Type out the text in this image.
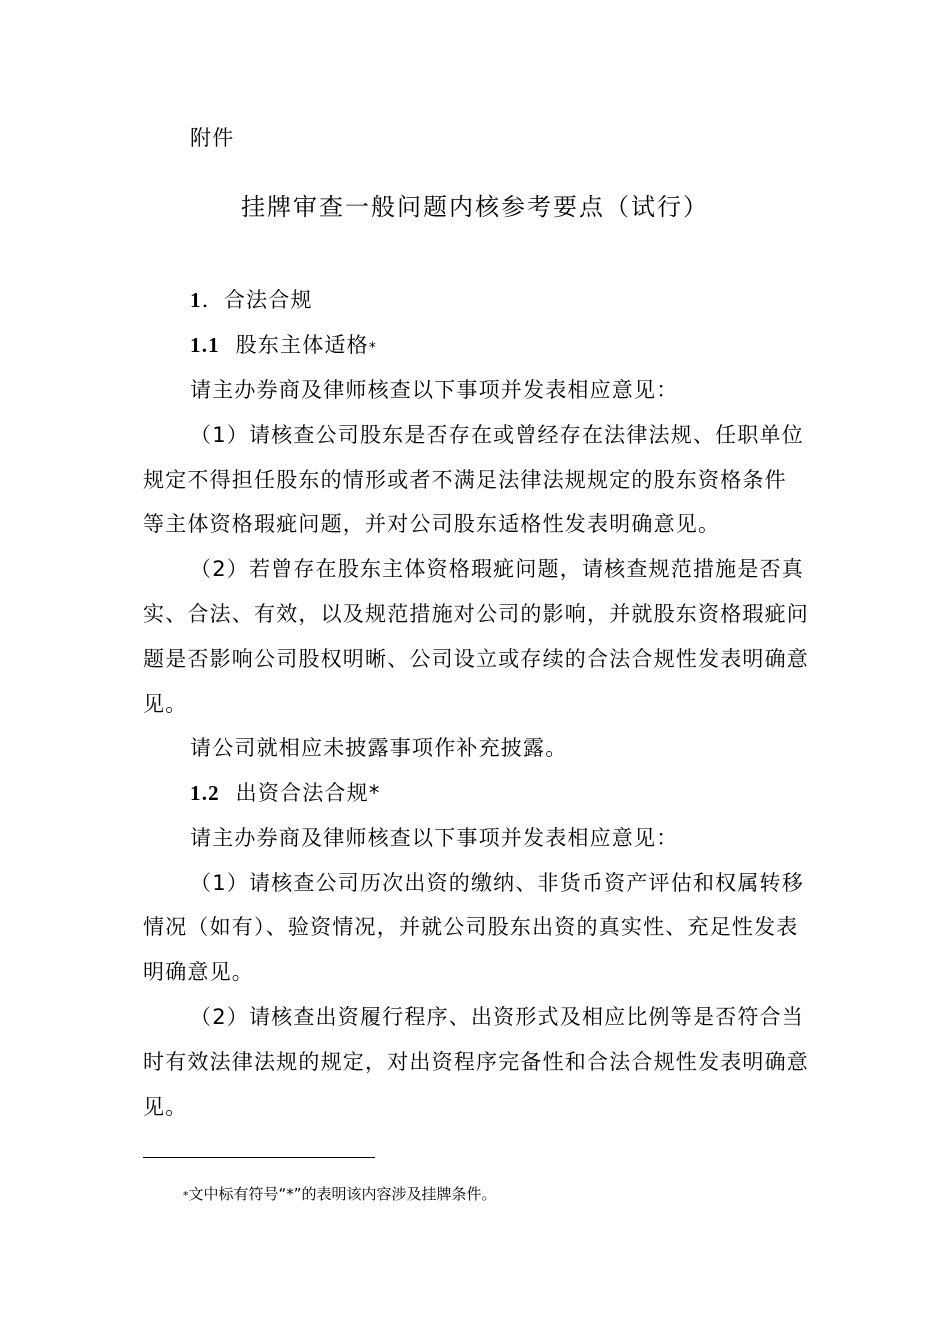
附件
挂牌审查一般问题内核参考要点（试行）
1．合法合规
1.1 股东主体适格*
请主办券商及律师核查以下事项并发表相应意见：
（1）请核查公司股东是否存在或曾经存在法律法规、任职单位
规定不得担任股东的情形或者不满足法律法规规定的股东资格条件
等主体资格瑕疵问题，并对公司股东适格性发表明确意见。
（2）若曾存在股东主体资格瑕疵问题，请核查规范措施是否真
实、合法、有效，以及规范措施对公司的影响，并就股东资格瑕疵问
题是否影响公司股权明晰、公司设立或存续的合法合规性发表明确意
见。
请公司就相应未披露事项作补充披露。
1.2 出资合法合规*
请主办券商及律师核查以下事项并发表相应意见：
（1）请核查公司历次出资的缴纳、非货币资产评估和权属转移
情况（如有）、验资情况，并就公司股东出资的真实性、充足性发表
明确意见。
（2）请核查出资履行程序、出资形式及相应比例等是否符合当
时有效法律法规的规定，对出资程序完备性和合法合规性发表明确意
见。
*文中标有符号“*”的表明该内容涉及挂牌条件。
